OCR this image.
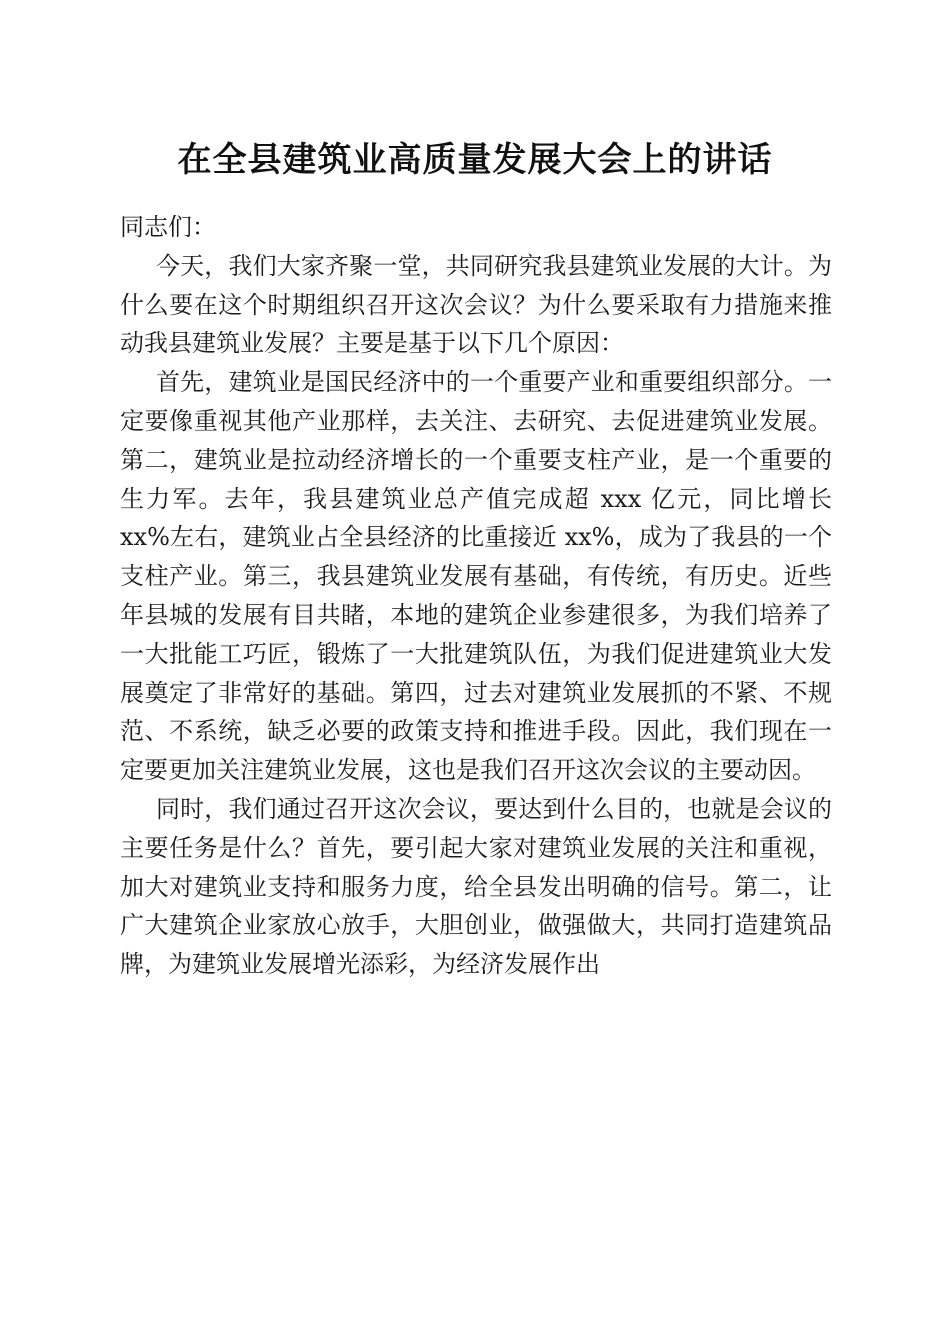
在全县建筑业高质量发展大会上的讲话

同志们：

今天，我们大家齐聚一堂，共同研究我县建筑业发展的大计。为什么要在这个时期组织召开这次会议？为什么要采取有力措施来推动我县建筑业发展？主要是基于以下几个原因：

首先，建筑业是国民经济中的一个重要产业和重要组织部分。一定要像重视其他产业那样，去关注、去研究、去促进建筑业发展。第二，建筑业是拉动经济增长的一个重要支柱产业，是一个重要的生力军。去年，我县建筑业总产值完成超 xxx 亿元，同比增长 xx%左右，建筑业占全县经济的比重接近 xx%，成为了我县的一个支柱产业。第三，我县建筑业发展有基础，有传统，有历史。近些年县城的发展有目共睹，本地的建筑企业参建很多，为我们培养了一大批能工巧匠，锻炼了一大批建筑队伍，为我们促进建筑业大发展奠定了非常好的基础。第四，过去对建筑业发展抓的不紧、不规范、不系统，缺乏必要的政策支持和推进手段。因此，我们现在一定要更加关注建筑业发展，这也是我们召开这次会议的主要动因。

同时，我们通过召开这次会议，要达到什么目的，也就是会议的主要任务是什么？首先，要引起大家对建筑业发展的关注和重视，加大对建筑业支持和服务力度，给全县发出明确的信号。第二，让广大建筑企业家放心放手，大胆创业，做强做大，共同打造建筑品牌，为建筑业发展增光添彩，为经济发展作出
